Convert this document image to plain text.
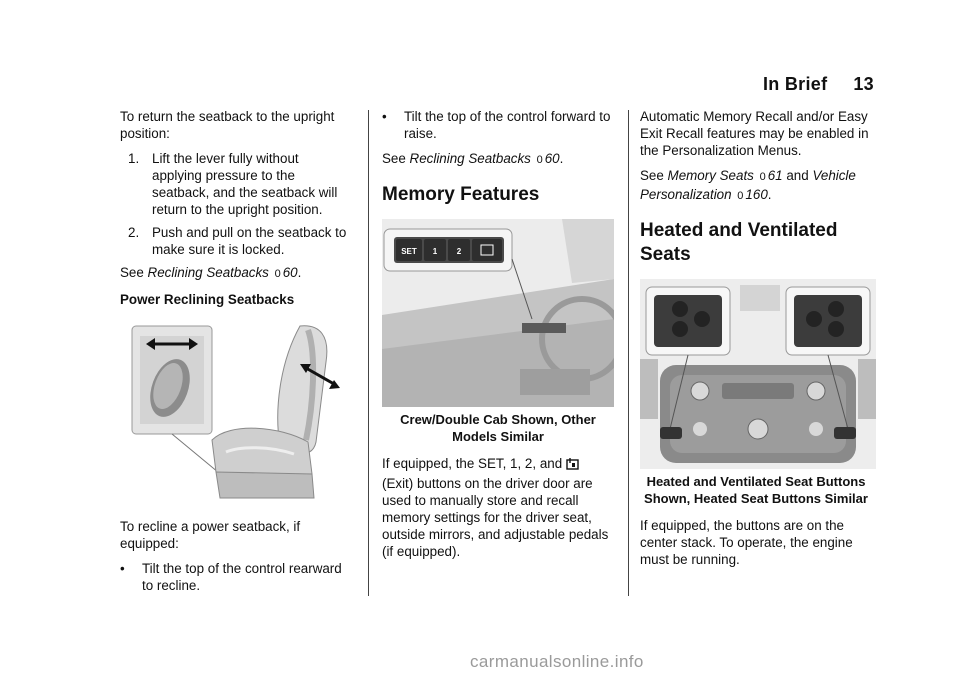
In Brief 13

To return the seatback to the upright position:

1. Lift the lever fully without applying pressure to the seatback, and the seatback will return to the upright position.
2. Push and pull on the seatback to make sure it is locked.

See Reclining Seatbacks 0 60.

Power Reclining Seatbacks

To recline a power seatback, if equipped:

• Tilt the top of the control rearward to recline.
• Tilt the top of the control forward to raise.

See Reclining Seatbacks 0 60.

Memory Features
SET 1 2
Crew/Double Cab Shown, Other Models Similar

If equipped, the SET, 1, 2, and
(Exit) buttons on the driver door are used to manually store and recall memory settings for the driver seat, outside mirrors, and adjustable pedals (if equipped).

Automatic Memory Recall and/or Easy Exit Recall features may be enabled in the Personalization Menus.

See Memory Seats 0 61 and Vehicle Personalization 0 160.

Heated and Ventilated Seats
Heated and Ventilated Seat Buttons Shown, Heated Seat Buttons Similar

If equipped, the buttons are on the center stack. To operate, the engine must be running.

carmanualsonline.info
